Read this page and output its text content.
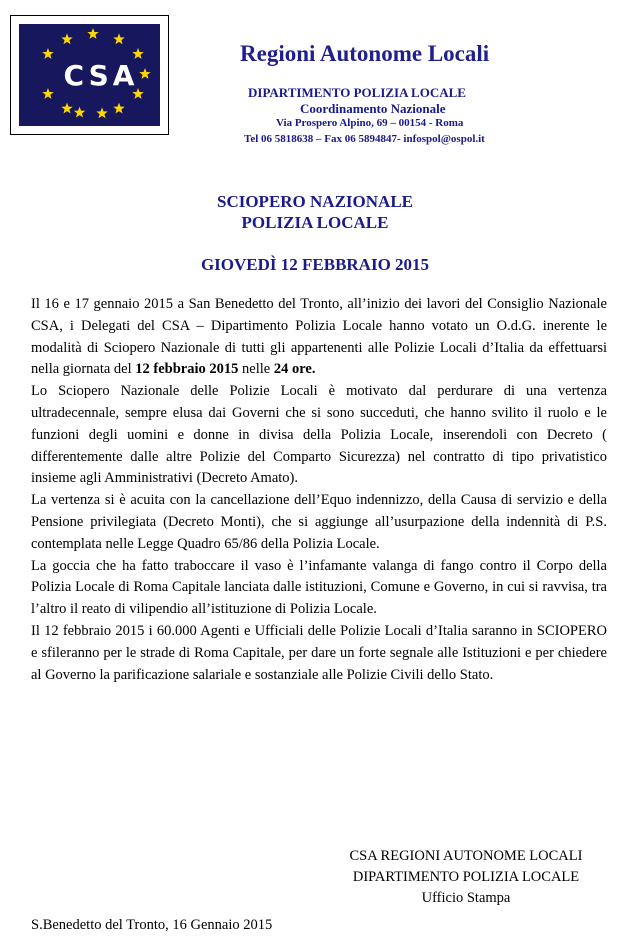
CSA
Regioni Autonome Locali
DIPARTIMENTO POLIZIA LOCALE
Coordinamento Nazionale
Via Prospero Alpino, 69 – 00154 - Roma
Tel 06 5818638 – Fax 06 5894847- infospol@ospol.it
SCIOPERO NAZIONALE
POLIZIA LOCALE
GIOVEDÌ 12 FEBBRAIO 2015

Il 16 e 17 gennaio 2015 a San Benedetto del Tronto, all’inizio dei lavori del Consiglio Nazionale CSA, i Delegati del CSA – Dipartimento Polizia Locale hanno votato un O.d.G. inerente le modalità di Sciopero Nazionale di tutti gli appartenenti alle Polizie Locali d’Italia da effettuarsi nella giornata del 12 febbraio 2015 nelle 24 ore.

Lo Sciopero Nazionale delle Polizie Locali è motivato dal perdurare di una vertenza ultradecennale, sempre elusa dai Governi che si sono succeduti, che hanno svilito il ruolo e le funzioni degli uomini e donne in divisa della Polizia Locale, inserendoli con Decreto ( differentemente dalle altre Polizie del Comparto Sicurezza) nel contratto di tipo privatistico insieme agli Amministrativi (Decreto Amato).

La vertenza si è acuita con la cancellazione dell’Equo indennizzo, della Causa di servizio e della Pensione privilegiata (Decreto Monti), che si aggiunge all’usurpazione della indennità di P.S. contemplata nelle Legge Quadro 65/86 della Polizia Locale.

La goccia che ha fatto traboccare il vaso è l’infamante valanga di fango contro il Corpo della Polizia Locale di Roma Capitale lanciata dalle istituzioni, Comune e Governo, in cui si ravvisa, tra l’altro il reato di vilipendio all’istituzione di Polizia Locale.

Il 12 febbraio 2015 i 60.000 Agenti e Ufficiali delle Polizie Locali d’Italia saranno in SCIOPERO e sfileranno per le strade di Roma Capitale, per dare un forte segnale alle Istituzioni e per chiedere al Governo la parificazione salariale e sostanziale alle Polizie Civili dello Stato.

CSA REGIONI AUTONOME LOCALI
DIPARTIMENTO POLIZIA LOCALE
Ufficio Stampa
S.Benedetto del Tronto, 16 Gennaio 2015
